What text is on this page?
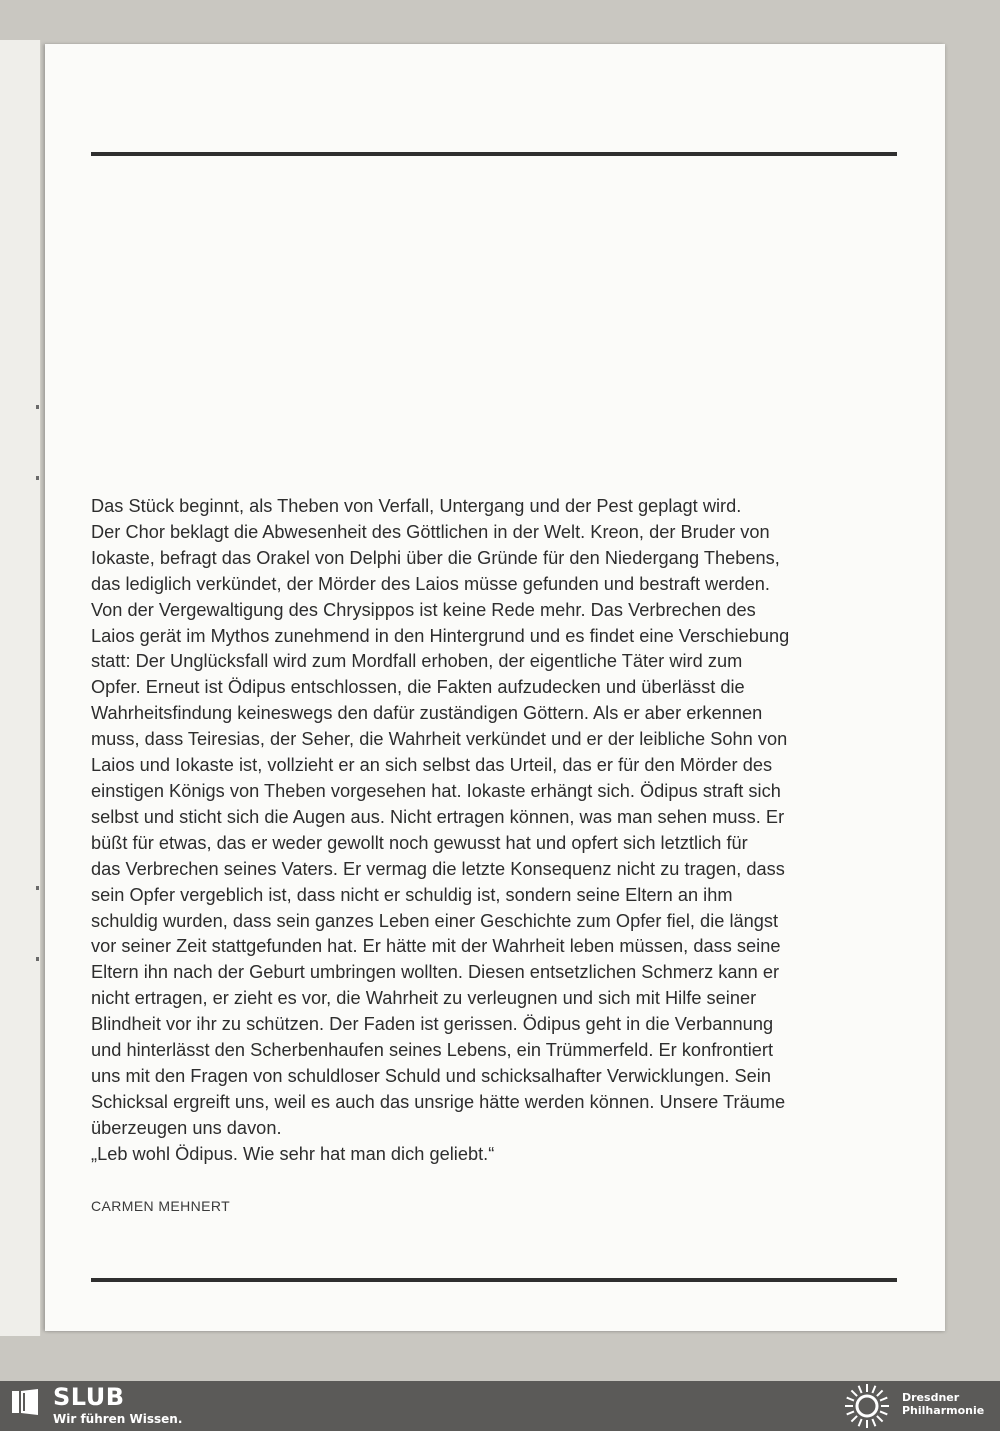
Das Stück beginnt, als Theben von Verfall, Untergang und der Pest geplagt wird.
Der Chor beklagt die Abwesenheit des Göttlichen in der Welt. Kreon, der Bruder von
Iokaste, befragt das Orakel von Delphi über die Gründe für den Niedergang Thebens,
das lediglich verkündet, der Mörder des Laios müsse gefunden und bestraft werden.
Von der Vergewaltigung des Chrysippos ist keine Rede mehr. Das Verbrechen des
Laios gerät im Mythos zunehmend in den Hintergrund und es findet eine Verschiebung
statt: Der Unglücksfall wird zum Mordfall erhoben, der eigentliche Täter wird zum
Opfer. Erneut ist Ödipus entschlossen, die Fakten aufzudecken und überlässt die
Wahrheitsfindung keineswegs den dafür zuständigen Göttern. Als er aber erkennen
muss, dass Teiresias, der Seher, die Wahrheit verkündet und er der leibliche Sohn von
Laios und Iokaste ist, vollzieht er an sich selbst das Urteil, das er für den Mörder des
einstigen Königs von Theben vorgesehen hat. Iokaste erhängt sich. Ödipus straft sich
selbst und sticht sich die Augen aus. Nicht ertragen können, was man sehen muss. Er
büßt für etwas, das er weder gewollt noch gewusst hat und opfert sich letztlich für
das Verbrechen seines Vaters. Er vermag die letzte Konsequenz nicht zu tragen, dass
sein Opfer vergeblich ist, dass nicht er schuldig ist, sondern seine Eltern an ihm
schuldig wurden, dass sein ganzes Leben einer Geschichte zum Opfer fiel, die längst
vor seiner Zeit stattgefunden hat. Er hätte mit der Wahrheit leben müssen, dass seine
Eltern ihn nach der Geburt umbringen wollten. Diesen entsetzlichen Schmerz kann er
nicht ertragen, er zieht es vor, die Wahrheit zu verleugnen und sich mit Hilfe seiner
Blindheit vor ihr zu schützen. Der Faden ist gerissen. Ödipus geht in die Verbannung
und hinterlässt den Scherbenhaufen seines Lebens, ein Trümmerfeld. Er konfrontiert
uns mit den Fragen von schuldloser Schuld und schicksalhafter Verwicklungen. Sein
Schicksal ergreift uns, weil es auch das unsrige hätte werden können. Unsere Träume
überzeugen uns davon.
„Leb wohl Ödipus. Wie sehr hat man dich geliebt.“

CARMEN MEHNERT

SLUB

Wir führen Wissen.

Dresdner Philharmonie
